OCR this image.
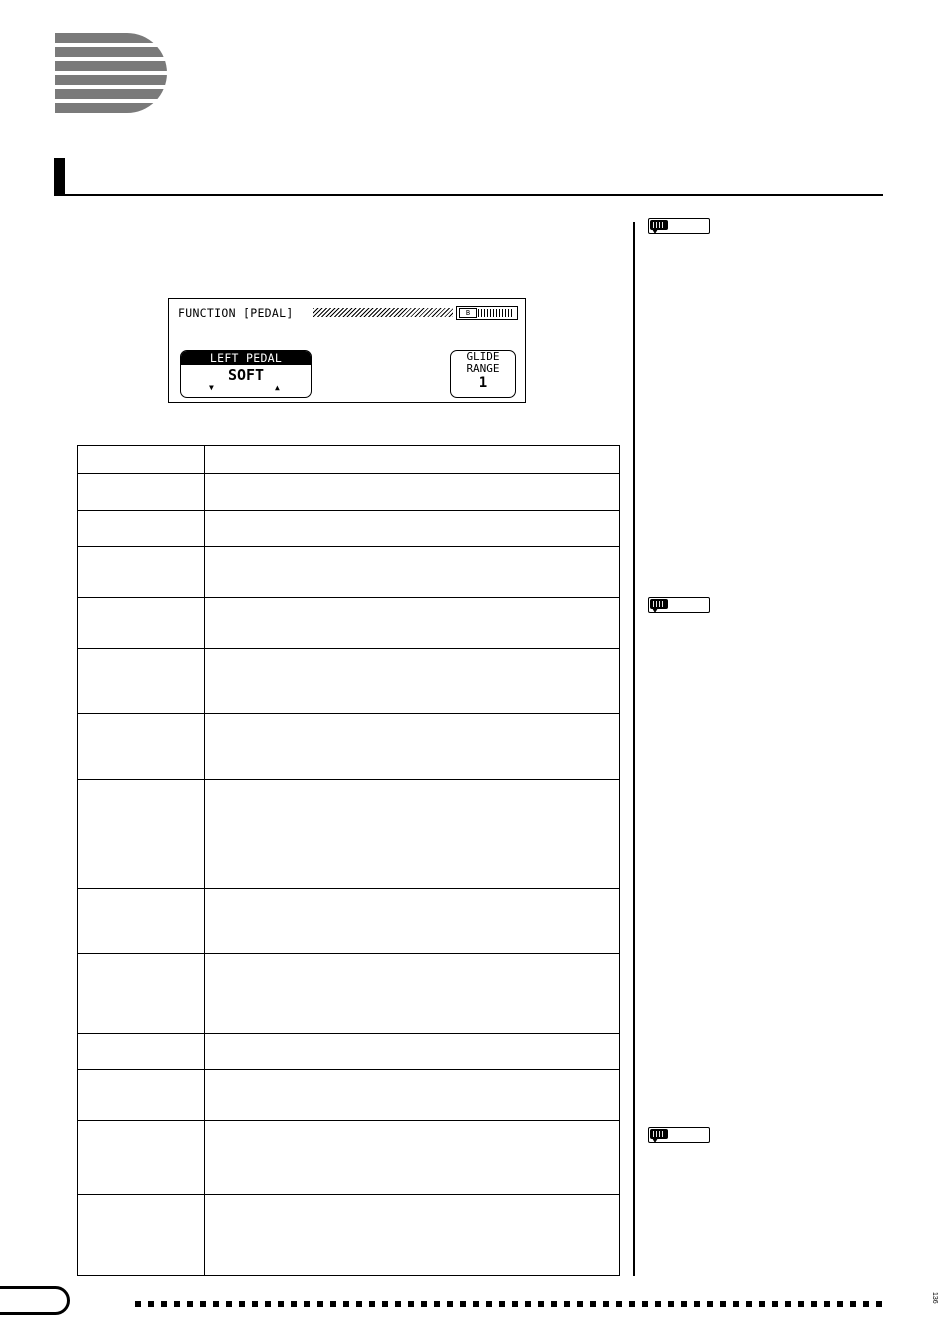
FUNCTION [PEDAL]	B
LEFT PEDAL
SOFT
▼	▲
GLIDE
RANGE
1
136
